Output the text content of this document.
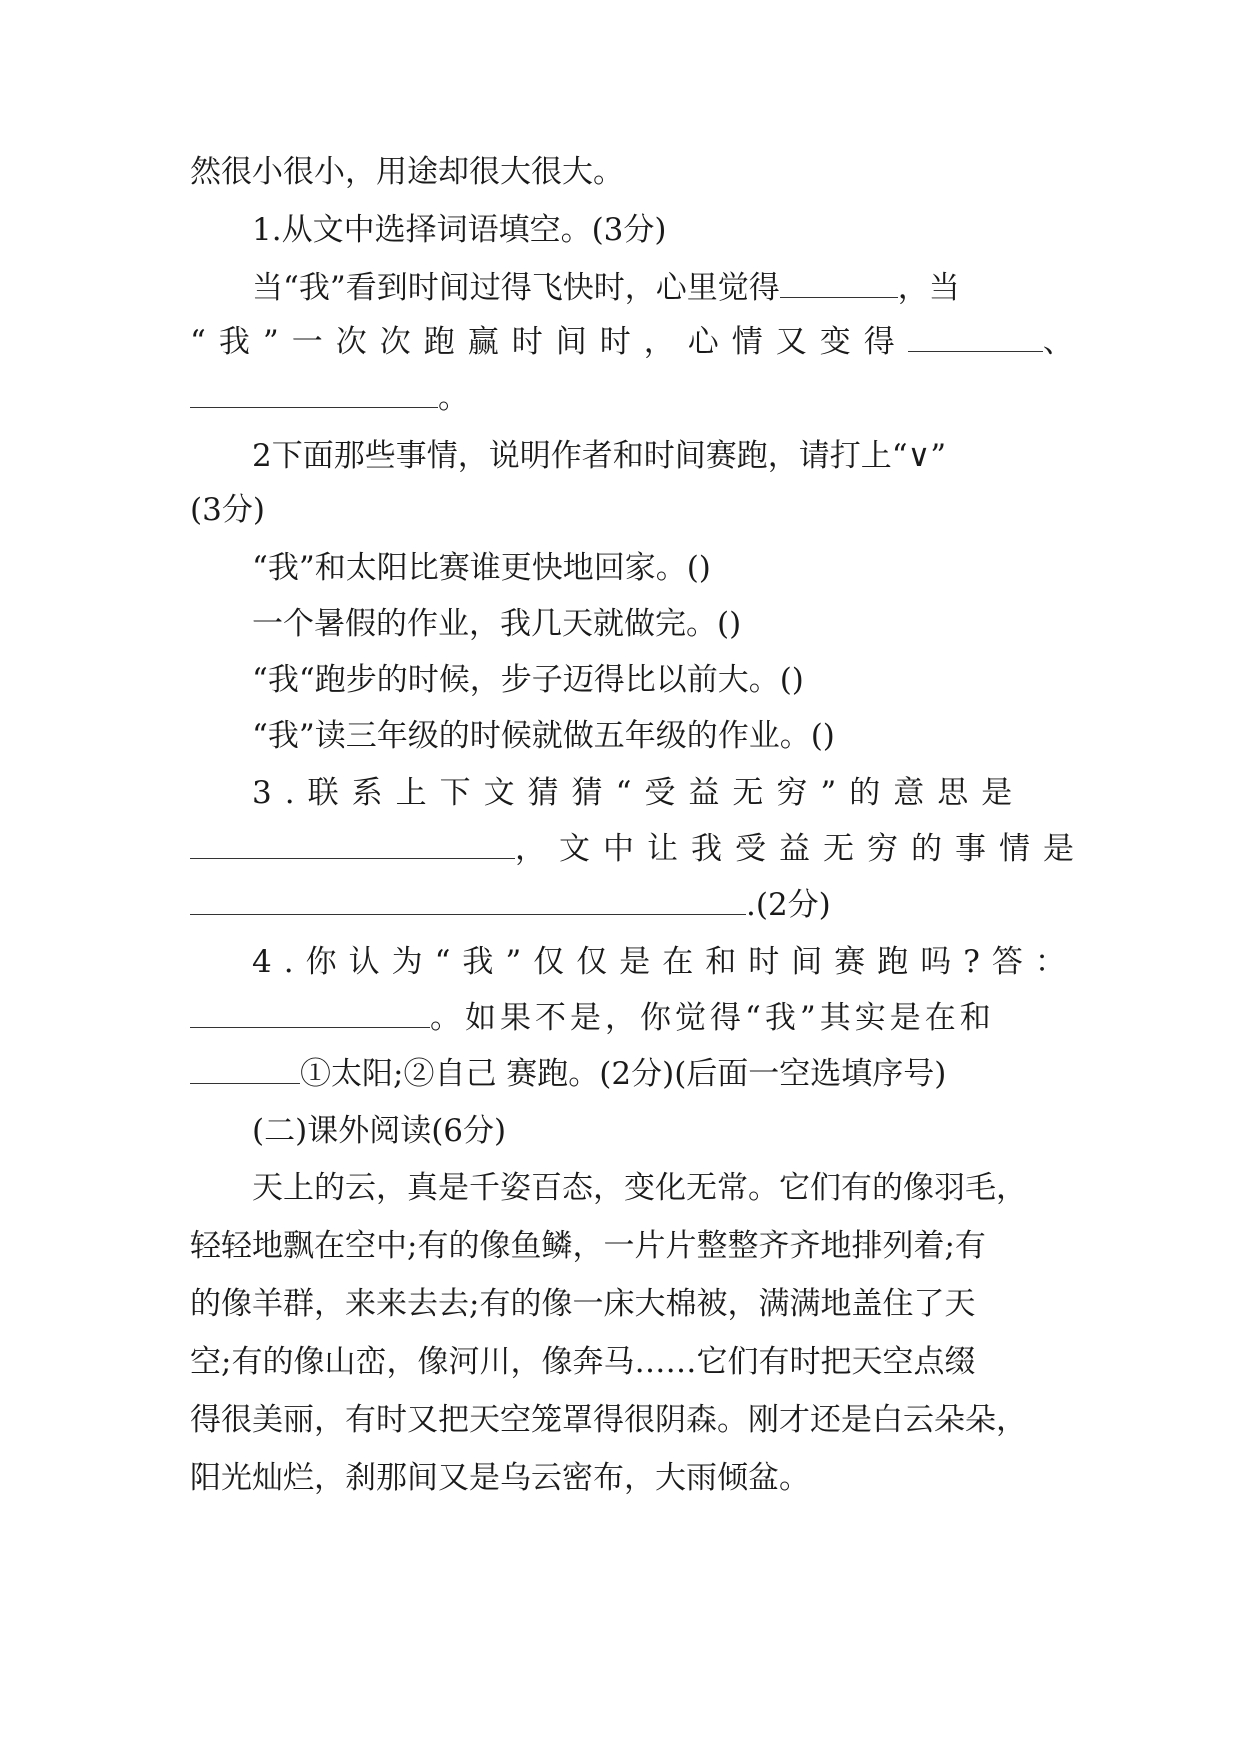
然很小很小，用途却很大很大。
1.从文中选择词语填空。(3分)
当“我”看到时间过得飞快时，心里觉得	，当
“我”一次次跑赢时间时，心情又变得	、
。
2下面那些事情，说明作者和时间赛跑，请打上“∨”
(3分)
“我”和太阳比赛谁更快地回家。()
一个暑假的作业，我几天就做完。()
“我“跑步的时候，步子迈得比以前大。()
“我”读三年级的时候就做五年级的作业。()
3.联系上下文猜猜“受益无穷”的意思是
，文中让我受益无穷的事情是
.(2分)
4.你认为“我”仅仅是在和时间赛跑吗?答：
。如果不是，你觉得“我”其实是在和
①太阳;②自己 赛跑。(2分)(后面一空选填序号)
(二)课外阅读(6分)
天上的云，真是千姿百态，变化无常。它们有的像羽毛，
轻轻地飘在空中;有的像鱼鳞，一片片整整齐齐地排列着;有
的像羊群，来来去去;有的像一床大棉被，满满地盖住了天
空;有的像山峦，像河川，像奔马……它们有时把天空点缀
得很美丽，有时又把天空笼罩得很阴森。刚才还是白云朵朵，
阳光灿烂，刹那间又是乌云密布，大雨倾盆。
